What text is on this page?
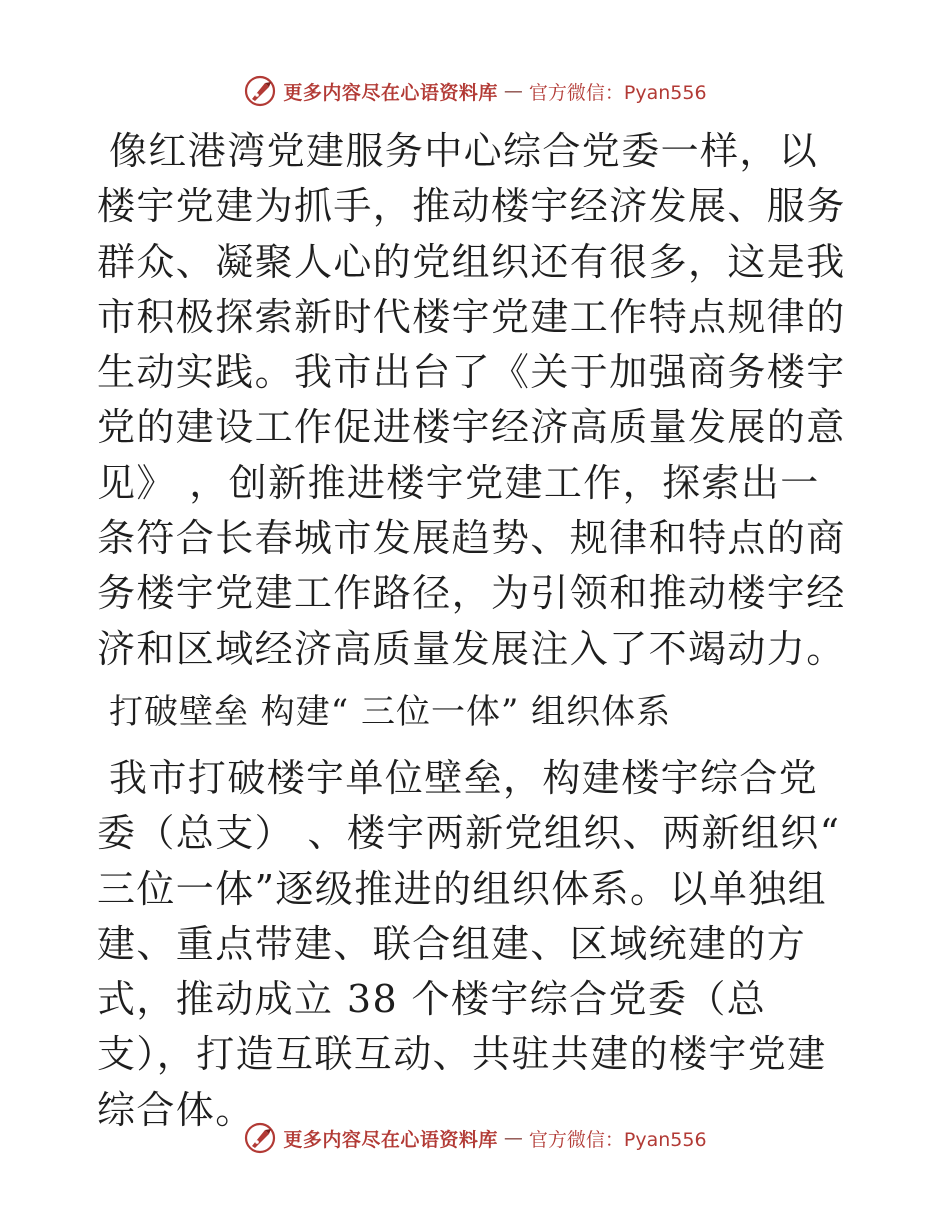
更多内容尽在心语资料库 — 官方微信：Pyan556

像红港湾党建服务中心综合党委一样，以楼宇党建为抓手，推动楼宇经济发展、服务群众、凝聚人心的党组织还有很多，这是我市积极探索新时代楼宇党建工作特点规律的生动实践。我市出台了《关于加强商务楼宇党的建设工作促进楼宇经济高质量发展的意见》 ，创新推进楼宇党建工作，探索出一条符合长春城市发展趋势、规律和特点的商务楼宇党建工作路径，为引领和推动楼宇经济和区域经济高质量发展注入了不竭动力。

打破壁垒 构建“ 三位一体” 组织体系

我市打破楼宇单位壁垒，构建楼宇综合党委（总支） 、楼宇两新党组织、两新组织“ 三位一体”逐级推进的组织体系。以单独组建、重点带建、联合组建、区域统建的方式，推动成立 38 个楼宇综合党委（总支），打造互联互动、共驻共建的楼宇党建综合体。

更多内容尽在心语资料库 — 官方微信：Pyan556
